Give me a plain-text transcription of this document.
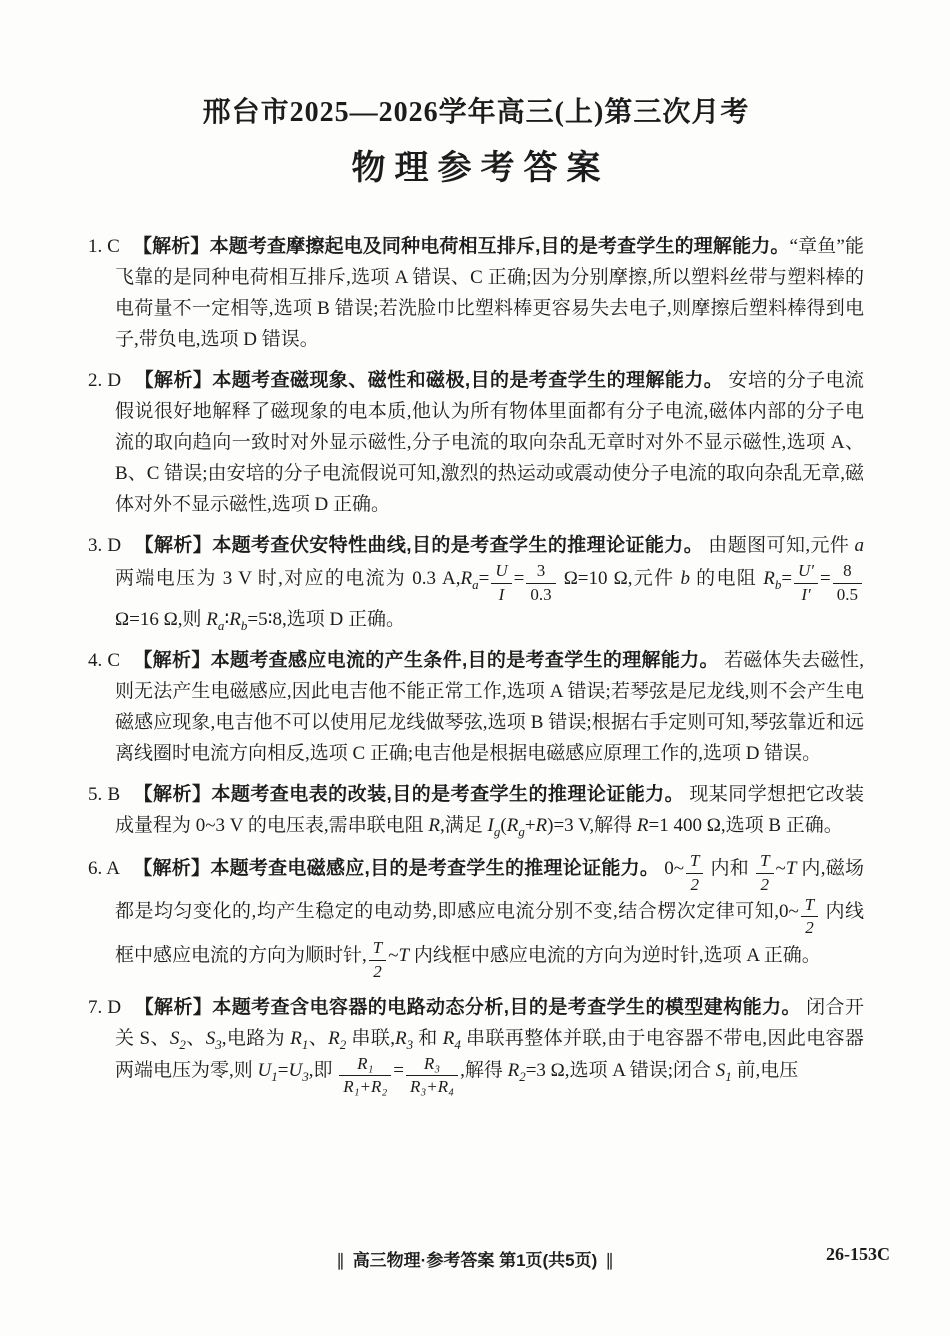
邢台市2025—2026学年高三(上)第三次月考
物理参考答案
1. C 【解析】本题考查摩擦起电及同种电荷相互排斥,目的是考查学生的理解能力。“章鱼”能飞靠的是同种电荷相互排斥,选项 A 错误、C 正确;因为分别摩擦,所以塑料丝带与塑料棒的电荷量不一定相等,选项 B 错误;若洗脸巾比塑料棒更容易失去电子,则摩擦后塑料棒得到电子,带负电,选项 D 错误。
2. D 【解析】本题考查磁现象、磁性和磁极,目的是考查学生的理解能力。 安培的分子电流假说很好地解释了磁现象的电本质,他认为所有物体里面都有分子电流,磁体内部的分子电流的取向趋向一致时对外显示磁性,分子电流的取向杂乱无章时对外不显示磁性,选项 A、B、C 错误;由安培的分子电流假说可知,激烈的热运动或震动使分子电流的取向杂乱无章,磁体对外不显示磁性,选项 D 正确。
3. D 【解析】本题考查伏安特性曲线,目的是考查学生的推理论证能力。 由题图可知,元件 a 两端电压为 3 V 时,对应的电流为 0.3 $A,R_a= \frac{U}{I} = \frac{3}{0.3} \Omega=10$ Ω,元件 b 的电阻 $R_b= \frac{U'}{I'} = \frac{8}{0.5}$
Ω=16 Ω,则 $R_a∶R_b=5∶8$,选项 D 正确。
4. C 【解析】本题考查感应电流的产生条件,目的是考查学生的理解能力。 若磁体失去磁性,则无法产生电磁感应,因此电吉他不能正常工作,选项 A 错误;若琴弦是尼龙线,则不会产生电磁感应现象,电吉他不可以使用尼龙线做琴弦,选项 B 错误;根据右手定则可知,琴弦靠近和远离线圈时电流方向相反,选项 C 正确;电吉他是根据电磁感应原理工作的,选项 D 错误。
5. B 【解析】本题考查电表的改装,目的是考查学生的推理论证能力。 现某同学想把它改装成量程为 0~3 V 的电压表,需串联电阻 R,满足 $I_g(R_g+R)=3$ V,解得 R=1 400 Ω,选项 B 正确。
6. A 【解析】本题考查电磁感应,目的是考查学生的推理论证能力。 0~ $\frac{T}{2}$ 内和 $\frac{T}{2}$ ~T 内,磁场都是均匀变化的,均产生稳定的电动势,即感应电流分别不变,结合楞次定律可知,0~ $\frac{T}{2}$ 内线框中感应电流的方向为顺时针, $\frac{T}{2}$ ~T 内线框中感应电流的方向为逆时针,选项 A 正确。
7. D 【解析】本题考查含电容器的电路动态分析,目的是考查学生的模型建构能力。 闭合开关 S、$S_2$、$S_3$,电路为 $R_1$、$R_2$ 串联$,R_3$ 和 $R_4$ 串联再整体并联,由于电容器不带电,因此电容器两端电压为零,则 $U_1=U_3$,即 $\frac{\text{R₁}}{\text{R₁+R₂}} = \frac{\text{R₃}}{\text{R₃+R₄}}$ ,解得 $R_2=3$ Ω,选项 A 错误;闭合 $S_1$ 前,电压
∥ 高三物理·参考答案 第1页(共5页) ∥	26-153C
